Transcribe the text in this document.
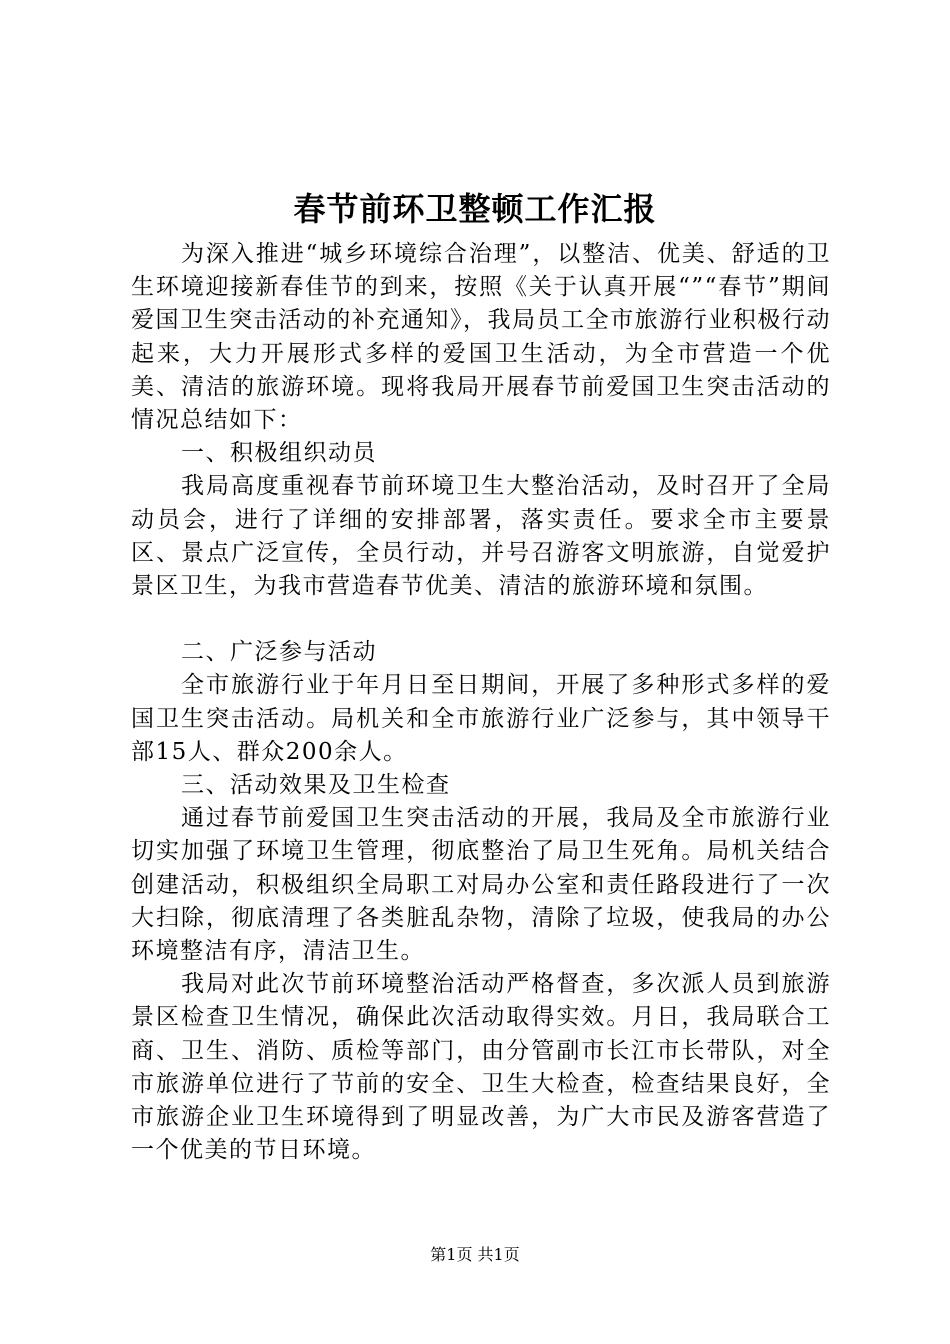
春节前环卫整顿工作汇报

为深入推进“城乡环境综合治理”，以整洁、优美、舒适的卫生环境迎接新春佳节的到来，按照《关于认真开展“”“春节”期间爱国卫生突击活动的补充通知》，我局员工全市旅游行业积极行动起来，大力开展形式多样的爱国卫生活动，为全市营造一个优美、清洁的旅游环境。现将我局开展春节前爱国卫生突击活动的情况总结如下：

一、积极组织动员

我局高度重视春节前环境卫生大整治活动，及时召开了全局动员会，进行了详细的安排部署，落实责任。要求全市主要景区、景点广泛宣传，全员行动，并号召游客文明旅游，自觉爱护景区卫生，为我市营造春节优美、清洁的旅游环境和氛围。

二、广泛参与活动

全市旅游行业于年月日至日期间，开展了多种形式多样的爱国卫生突击活动。局机关和全市旅游行业广泛参与，其中领导干部15人、群众200余人。

三、活动效果及卫生检查

通过春节前爱国卫生突击活动的开展，我局及全市旅游行业切实加强了环境卫生管理，彻底整治了局卫生死角。局机关结合创建活动，积极组织全局职工对局办公室和责任路段进行了一次大扫除，彻底清理了各类脏乱杂物，清除了垃圾，使我局的办公环境整洁有序，清洁卫生。

我局对此次节前环境整治活动严格督查，多次派人员到旅游景区检查卫生情况，确保此次活动取得实效。月日，我局联合工商、卫生、消防、质检等部门，由分管副市长江市长带队，对全市旅游单位进行了节前的安全、卫生大检查，检查结果良好，全市旅游企业卫生环境得到了明显改善，为广大市民及游客营造了一个优美的节日环境。

第1页 共1页
